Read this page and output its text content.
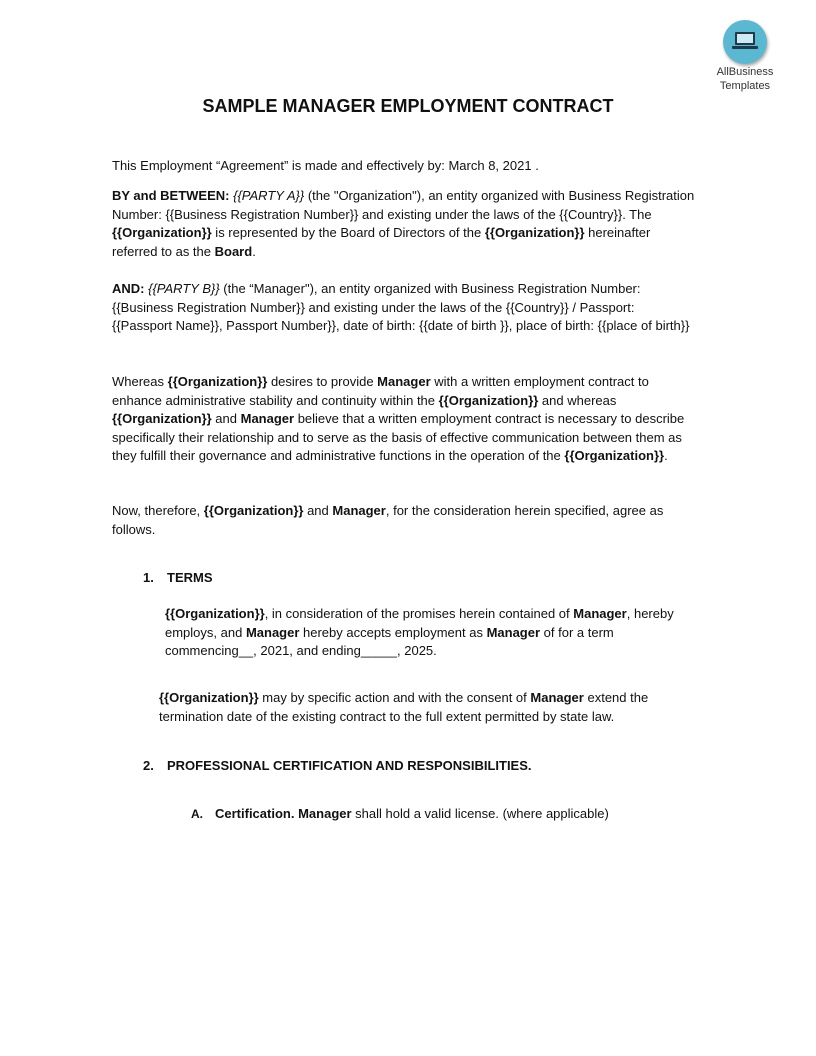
AllBusiness
Templates
SAMPLE MANAGER EMPLOYMENT CONTRACT

This Employment “Agreement” is made and effectively by: March 8, 2021 .

BY and BETWEEN: {{PARTY A}} (the "Organization"), an entity organized with Business Registration Number: {{Business Registration Number}} and existing under the laws of the {{Country}}. The {{Organization}} is represented by the Board of Directors of the {{Organization}} hereinafter referred to as the Board.

AND: {{PARTY B}} (the “Manager"), an entity organized with Business Registration Number: {{Business Registration Number}} and existing under the laws of the {{Country}} / Passport: {{Passport Name}}, Passport Number}}, date of birth: {{date of birth }}, place of birth: {{place of birth}}

Whereas {{Organization}} desires to provide Manager with a written employment contract to enhance administrative stability and continuity within the {{Organization}} and whereas {{Organization}} and Manager believe that a written employment contract is necessary to describe specifically their relationship and to serve as the basis of effective communication between them as they fulfill their governance and administrative functions in the operation of the {{Organization}}.

Now, therefore, {{Organization}} and Manager, for the consideration herein specified, agree as follows.

1. TERMS

{{Organization}}, in consideration of the promises herein contained of Manager, hereby employs, and Manager hereby accepts employment as Manager of for a term commencing__, 2021, and ending_____, 2025.

{{Organization}} may by specific action and with the consent of Manager extend the termination date of the existing contract to the full extent permitted by state law.

2. PROFESSIONAL CERTIFICATION AND RESPONSIBILITIES.
A. Certification. Manager shall hold a valid license. (where applicable)
